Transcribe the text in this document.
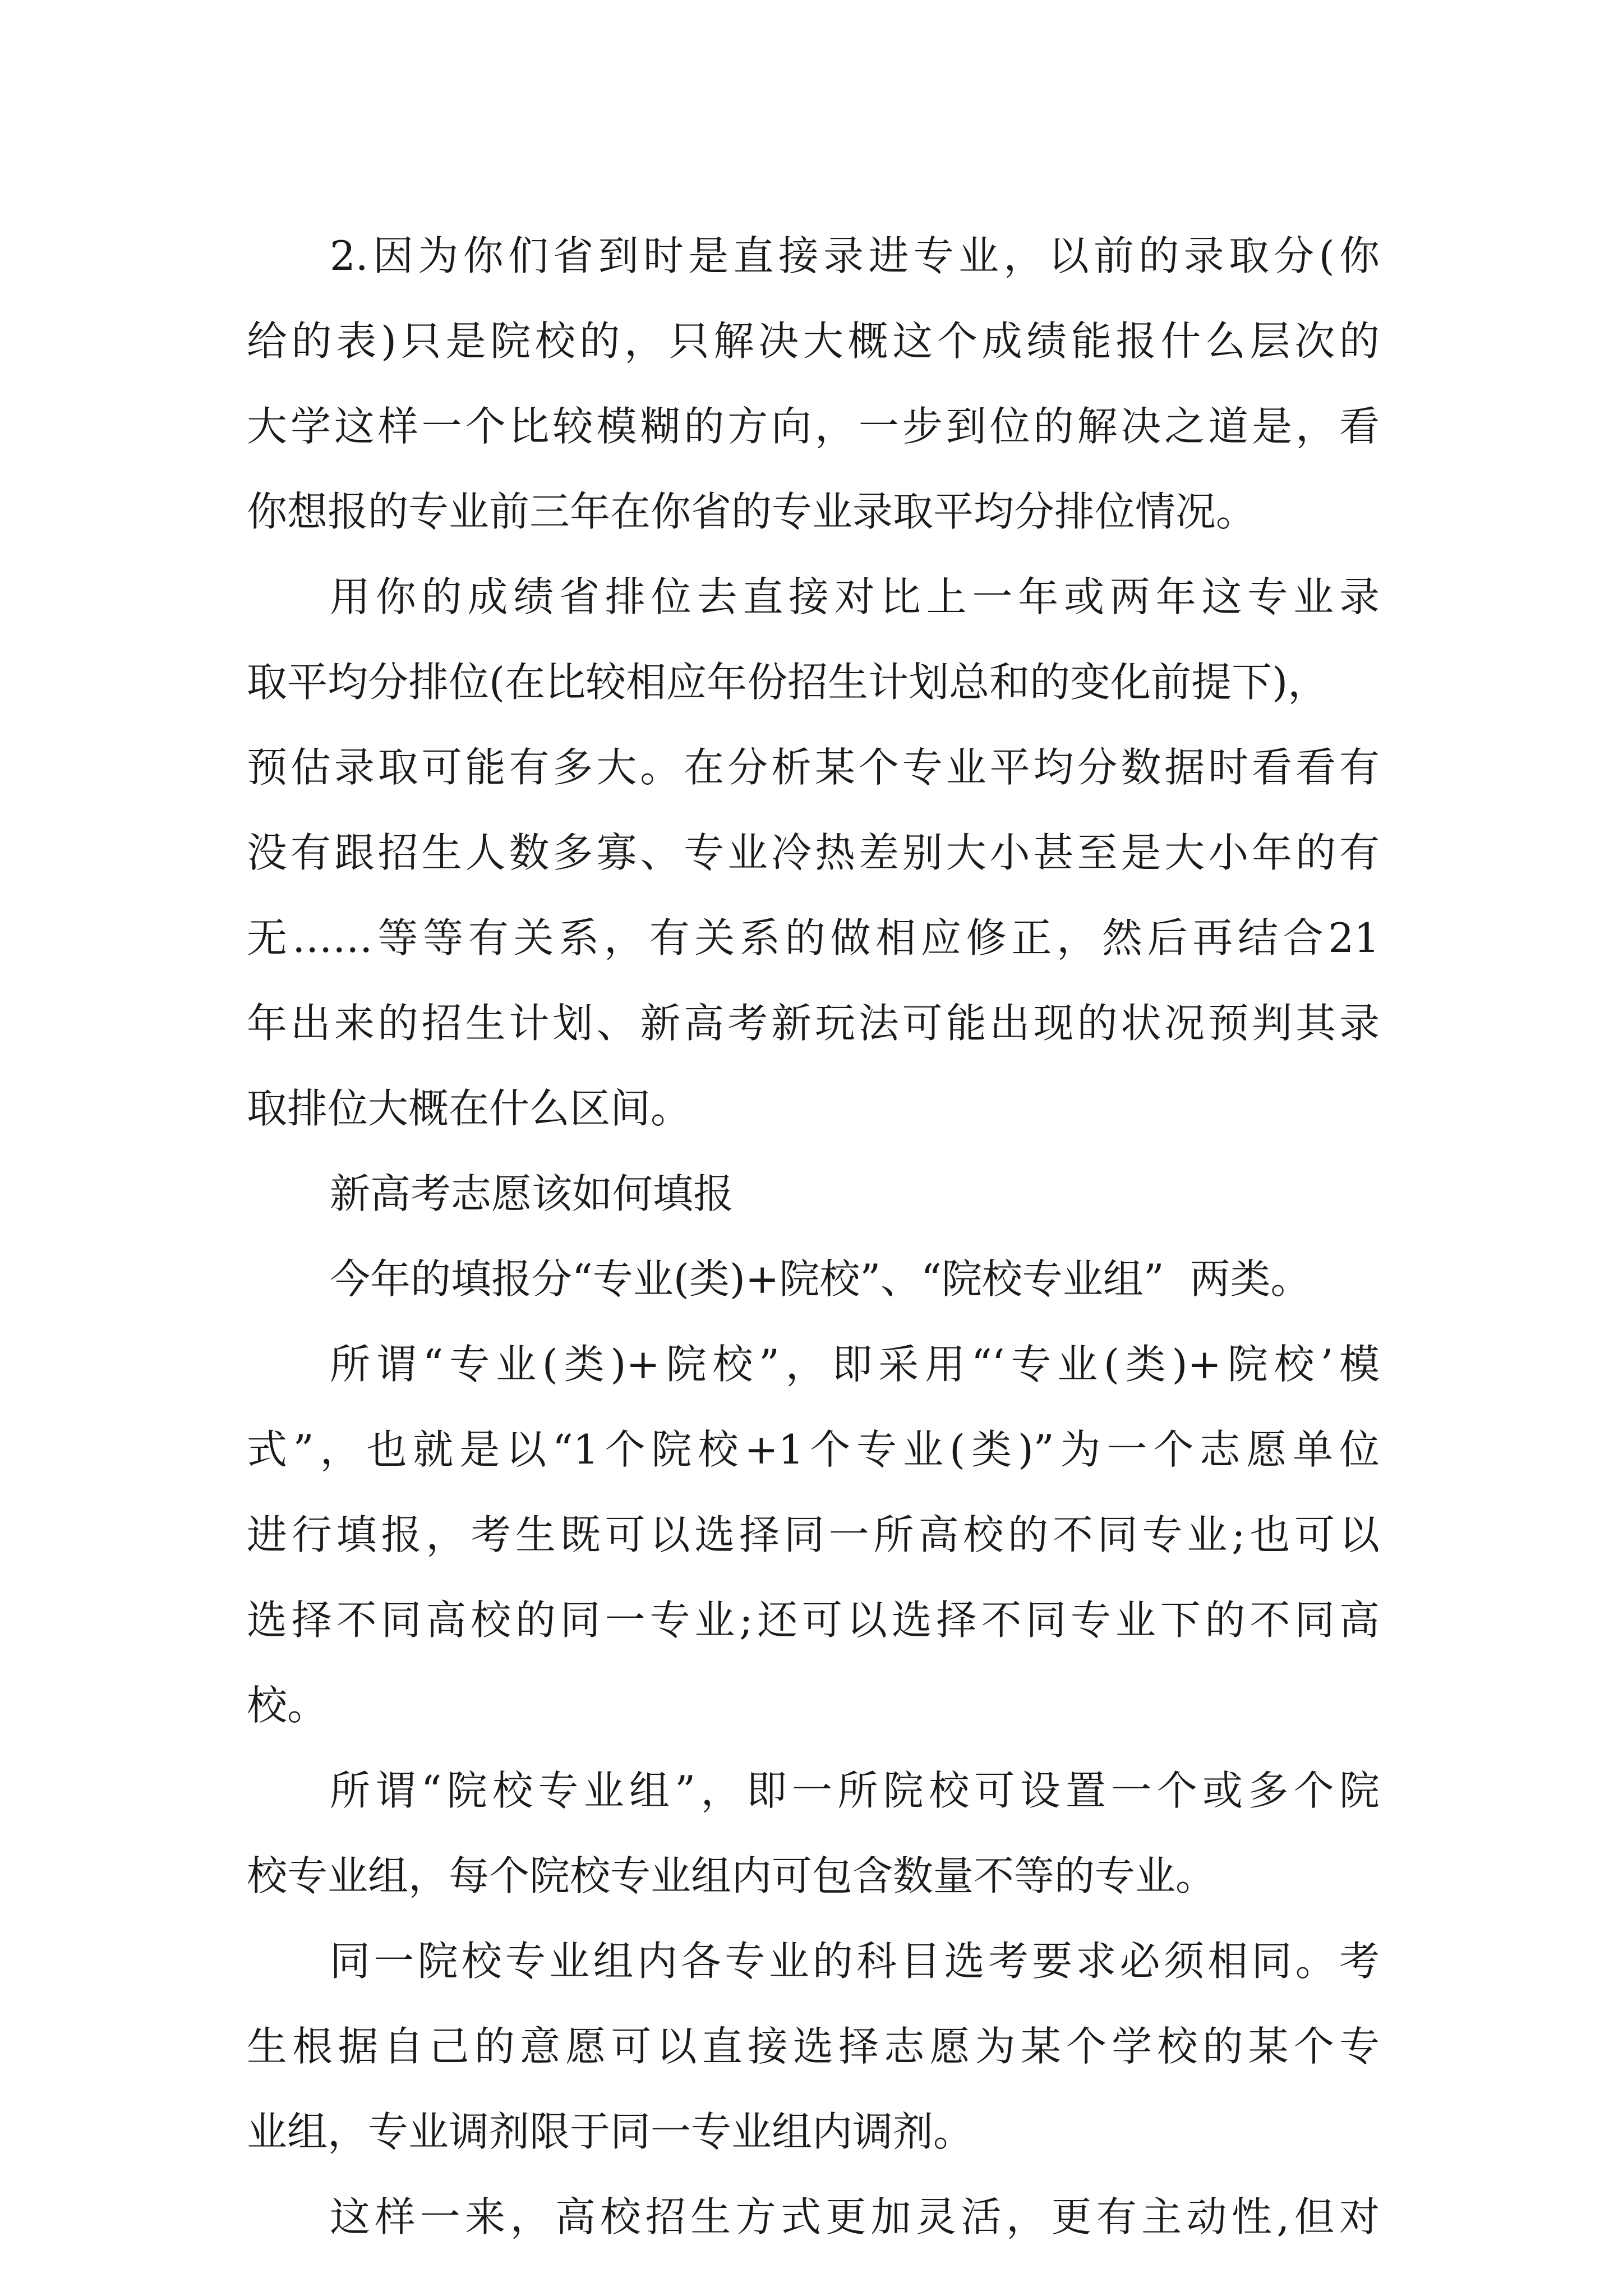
2.因为你们省到时是直接录进专业，以前的录取分(你
给的表)只是院校的，只解决大概这个成绩能报什么层次的
大学这样一个比较模糊的方向，一步到位的解决之道是，看
你想报的专业前三年在你省的专业录取平均分排位情况。
用你的成绩省排位去直接对比上一年或两年这专业录
取平均分排位(在比较相应年份招生计划总和的变化前提下)，
预估录取可能有多大。在分析某个专业平均分数据时看看有
没有跟招生人数多寡、专业冷热差别大小甚至是大小年的有
无……等等有关系，有关系的做相应修正，然后再结合21
年出来的招生计划、新高考新玩法可能出现的状况预判其录
取排位大概在什么区间。
新高考志愿该如何填报
今年的填报分“专业(类)+院校”、“院校专业组”  两类。
所谓“专业(类)+院校”，即采用“‘专业(类)+院校’模
式”，也就是以“1个院校+1个专业(类)”为一个志愿单位
进行填报，考生既可以选择同一所高校的不同专业;也可以
选择不同高校的同一专业;还可以选择不同专业下的不同高
校。
所谓“院校专业组”，即一所院校可设置一个或多个院
校专业组，每个院校专业组内可包含数量不等的专业。
同一院校专业组内各专业的科目选考要求必须相同。考
生根据自己的意愿可以直接选择志愿为某个学校的某个专
业组，专业调剂限于同一专业组内调剂。
这样一来，高校招生方式更加灵活，更有主动性,但对
